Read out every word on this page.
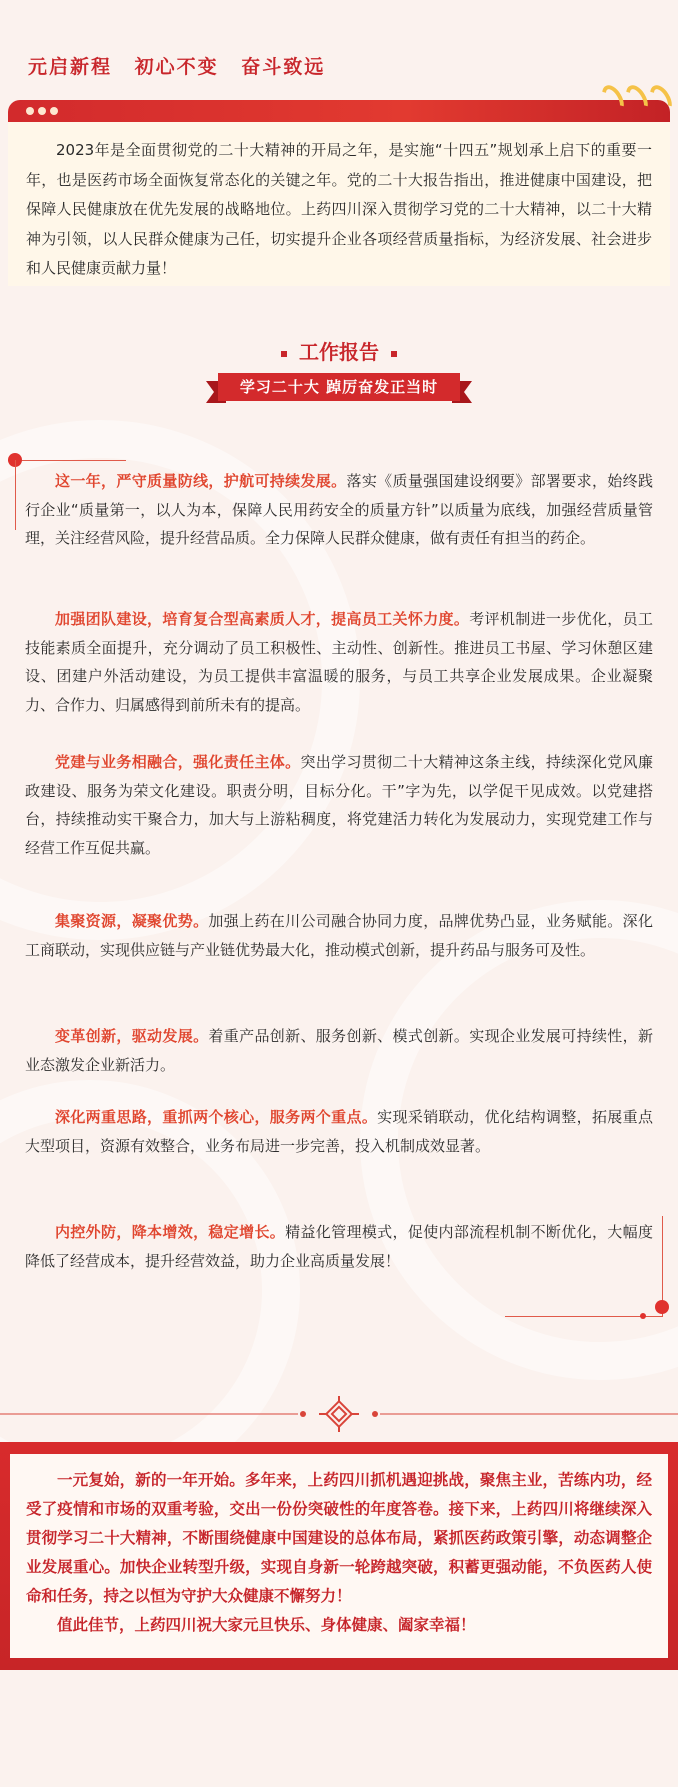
元启新程 初心不变 奋斗致远
2023年是全面贯彻党的二十大精神的开局之年，是实施“十四五”规划承上启下的重要一年，也是医药市场全面恢复常态化的关键之年。党的二十大报告指出，推进健康中国建设，把保障人民健康放在优先发展的战略地位。上药四川深入贯彻学习党的二十大精神，以二十大精神为引领，以人民群众健康为己任，切实提升企业各项经营质量指标，为经济发展、社会进步和人民健康贡献力量！
工作报告
学习二十大 踔厉奋发正当时
这一年，严守质量防线，护航可持续发展。落实《质量强国建设纲要》部署要求，始终践行企业“质量第一，以人为本，保障人民用药安全的质量方针”以质量为底线，加强经营质量管理，关注经营风险，提升经营品质。全力保障人民群众健康，做有责任有担当的药企。
加强团队建设，培育复合型高素质人才，提高员工关怀力度。考评机制进一步优化，员工技能素质全面提升，充分调动了员工积极性、主动性、创新性。推进员工书屋、学习休憩区建设、团建户外活动建设，为员工提供丰富温暖的服务，与员工共享企业发展成果。企业凝聚力、合作力、归属感得到前所未有的提高。
党建与业务相融合，强化责任主体。突出学习贯彻二十大精神这条主线，持续深化党风廉政建设、服务为荣文化建设。职责分明，目标分化。干”字为先，以学促干见成效。以党建搭台，持续推动实干聚合力，加大与上游粘稠度，将党建活力转化为发展动力，实现党建工作与经营工作互促共赢。
集聚资源，凝聚优势。加强上药在川公司融合协同力度，品牌优势凸显，业务赋能。深化工商联动，实现供应链与产业链优势最大化，推动模式创新，提升药品与服务可及性。
变革创新，驱动发展。着重产品创新、服务创新、模式创新。实现企业发展可持续性，新业态激发企业新活力。
深化两重思路，重抓两个核心，服务两个重点。实现采销联动，优化结构调整，拓展重点大型项目，资源有效整合，业务布局进一步完善，投入机制成效显著。
内控外防，降本增效，稳定增长。精益化管理模式，促使内部流程机制不断优化，大幅度降低了经营成本，提升经营效益，助力企业高质量发展！

一元复始，新的一年开始。多年来，上药四川抓机遇迎挑战，聚焦主业，苦练内功，经受了疫情和市场的双重考验，交出一份份突破性的年度答卷。接下来，上药四川将继续深入贯彻学习二十大精神，不断围绕健康中国建设的总体布局，紧抓医药政策引擎，动态调整企业发展重心。加快企业转型升级，实现自身新一轮跨越突破，积蓄更强动能，不负医药人使命和任务，持之以恒为守护大众健康不懈努力！

值此佳节，上药四川祝大家元旦快乐、身体健康、阖家幸福！
